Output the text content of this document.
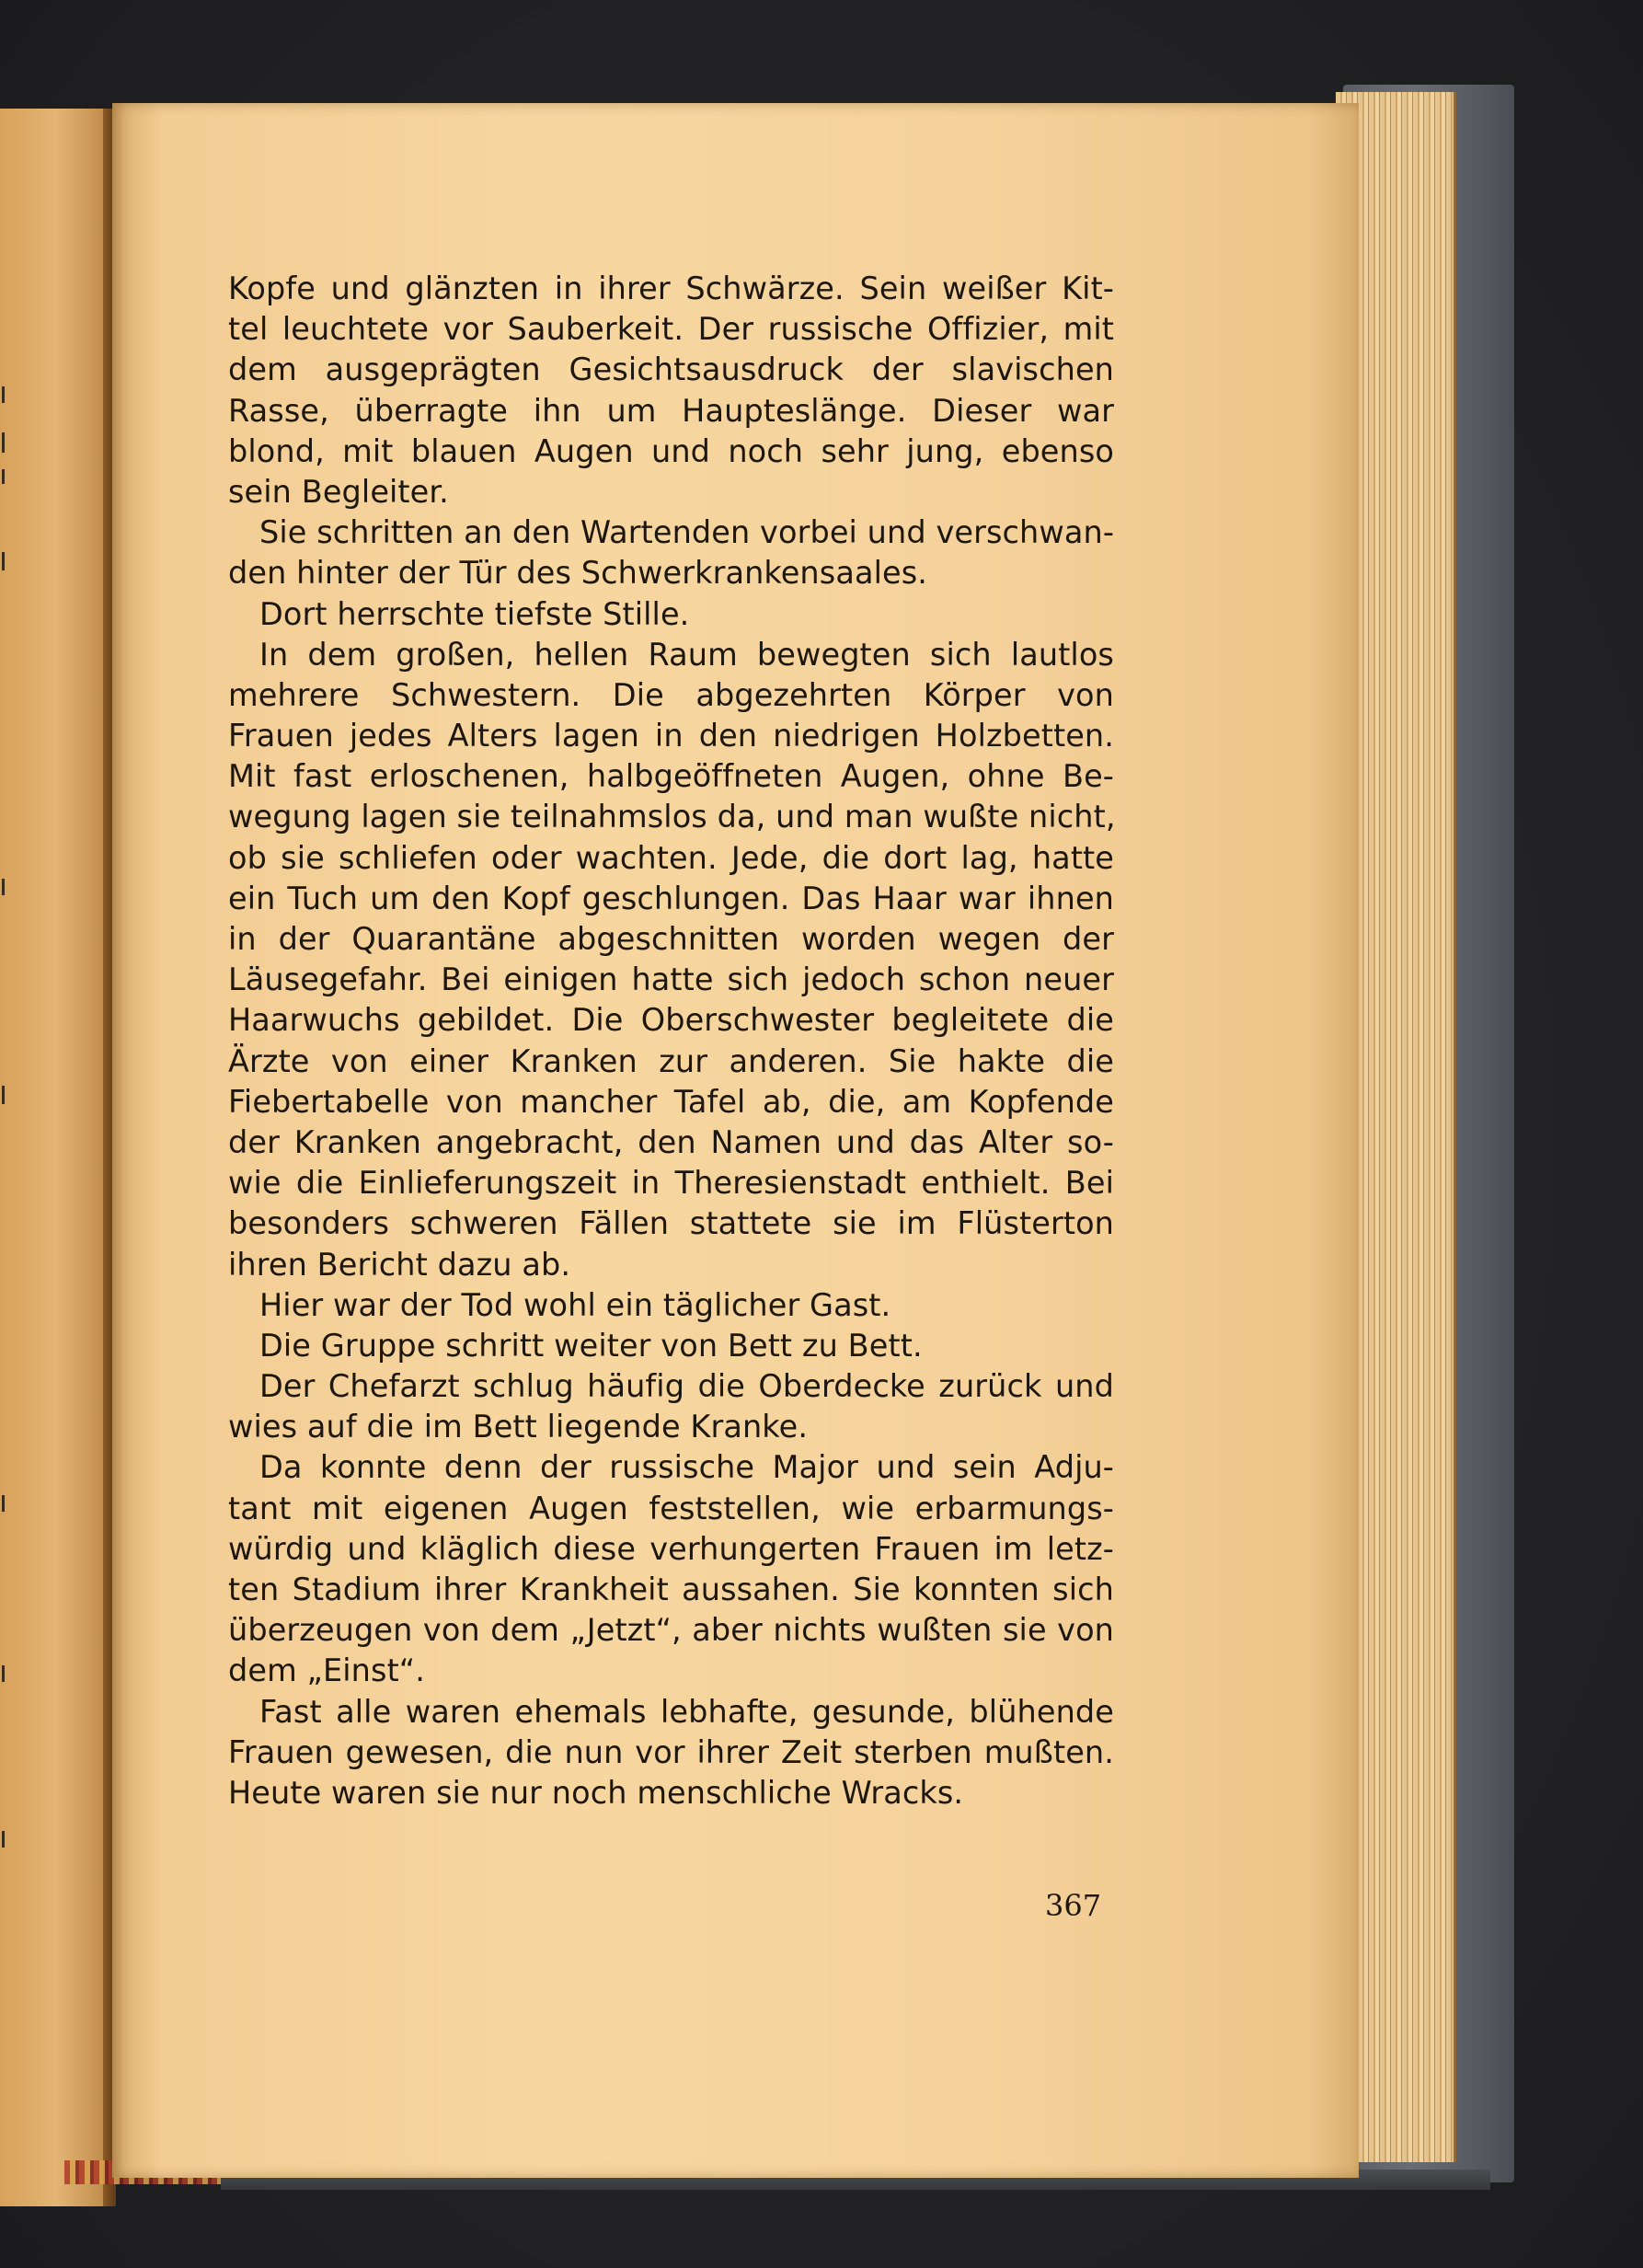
Kopfe und glänzten in ihrer Schwärze. Sein weißer Kit-
tel leuchtete vor Sauberkeit. Der russische Offizier, mit
dem ausgeprägten Gesichtsausdruck der slavischen
Rasse, überragte ihn um Haupteslänge. Dieser war
blond, mit blauen Augen und noch sehr jung, ebenso
sein Begleiter.
Sie schritten an den Wartenden vorbei und verschwan-
den hinter der Tür des Schwerkrankensaales.
Dort herrschte tiefste Stille.
In dem großen, hellen Raum bewegten sich lautlos
mehrere Schwestern. Die abgezehrten Körper von
Frauen jedes Alters lagen in den niedrigen Holzbetten.
Mit fast erloschenen, halbgeöffneten Augen, ohne Be-
wegung lagen sie teilnahmslos da, und man wußte nicht,
ob sie schliefen oder wachten. Jede, die dort lag, hatte
ein Tuch um den Kopf geschlungen. Das Haar war ihnen
in der Quarantäne abgeschnitten worden wegen der
Läusegefahr. Bei einigen hatte sich jedoch schon neuer
Haarwuchs gebildet. Die Oberschwester begleitete die
Ärzte von einer Kranken zur anderen. Sie hakte die
Fiebertabelle von mancher Tafel ab, die, am Kopfende
der Kranken angebracht, den Namen und das Alter so-
wie die Einlieferungszeit in Theresienstadt enthielt. Bei
besonders schweren Fällen stattete sie im Flüsterton
ihren Bericht dazu ab.
Hier war der Tod wohl ein täglicher Gast.
Die Gruppe schritt weiter von Bett zu Bett.
Der Chefarzt schlug häufig die Oberdecke zurück und
wies auf die im Bett liegende Kranke.
Da konnte denn der russische Major und sein Adju-
tant mit eigenen Augen feststellen, wie erbarmungs-
würdig und kläglich diese verhungerten Frauen im letz-
ten Stadium ihrer Krankheit aussahen. Sie konnten sich
überzeugen von dem „Jetzt“, aber nichts wußten sie von
dem „Einst“.
Fast alle waren ehemals lebhafte, gesunde, blühende
Frauen gewesen, die nun vor ihrer Zeit sterben mußten.
Heute waren sie nur noch menschliche Wracks.
367
